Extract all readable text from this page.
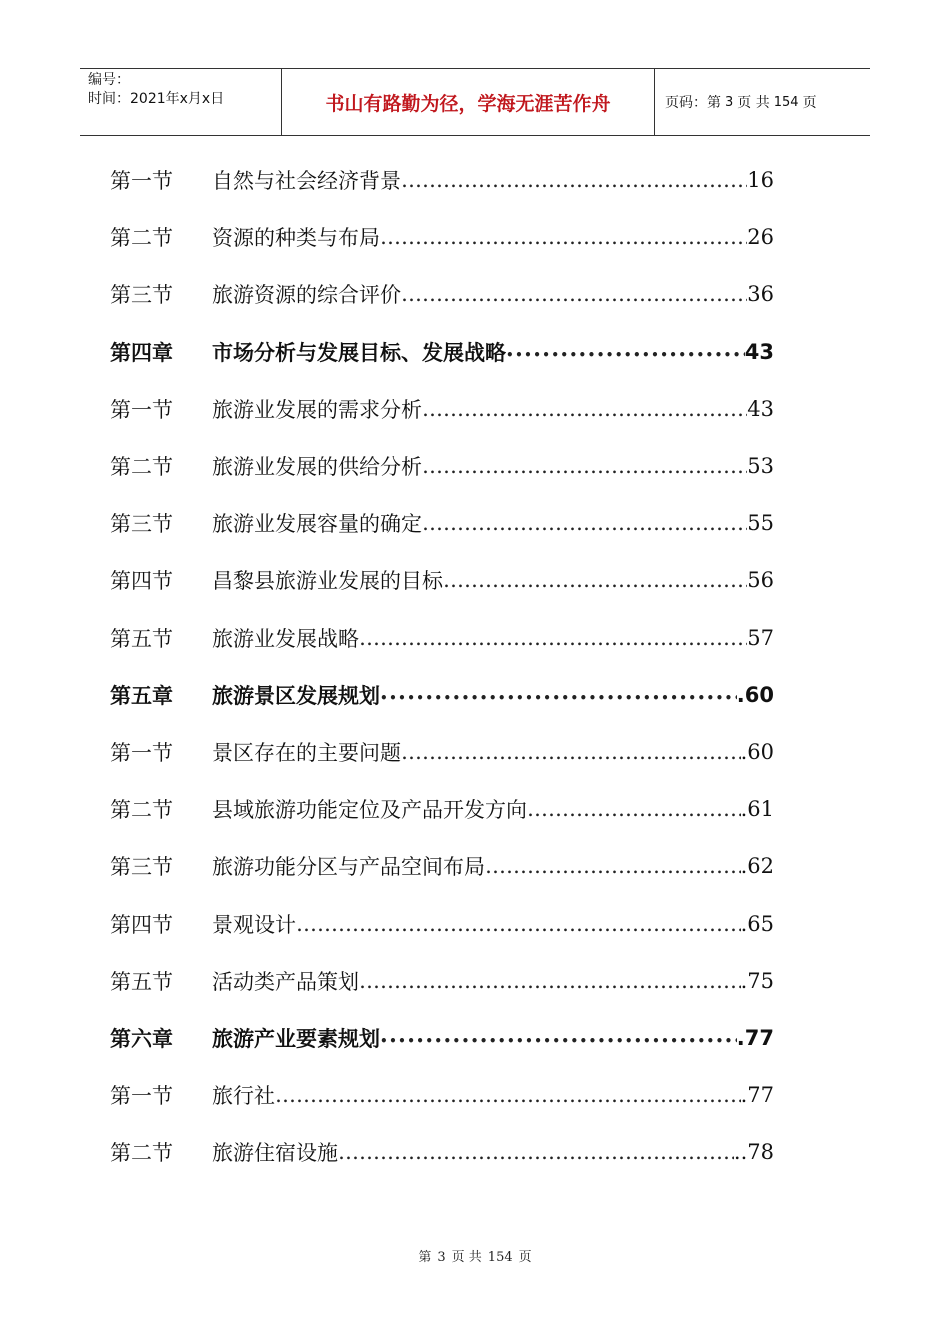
编号：
时间：2021年x月x日	书山有路勤为径，学海无涯苦作舟	页码：第 3 页 共 154 页
第一节	自然与社会经济背景 ……………………………………………………………………………………………………	16
第二节	资源的种类与布局 ……………………………………………………………………………………………………	26
第三节	旅游资源的综合评价 ……………………………………………………………………………………………………	36
第四章	市场分析与发展目标、发展战略 •••••	43
第一节	旅游业发展的需求分析 ……………………………………………………………………………………………………	43
第二节	旅游业发展的供给分析 ……………………………………………………………………………………………………	53
第三节	旅游业发展容量的确定 ……………………………………………………………………………………………………	55
第四节	昌黎县旅游业发展的目标 ……………………………………………………………………………………………………	56
第五节	旅游业发展战略 ……………………………………………………………………………………………………	57
第五章	旅游景区发展规划 •••••	.60
第一节	景区存在的主要问题 ……………………………………………………………………………………………………	.60
第二节	县域旅游功能定位及产品开发方向 ……………………………………………………………………………………………………	.61
第三节	旅游功能分区与产品空间布局 ……………………………………………………………………………………………………	.62
第四节	景观设计 ……………………………………………………………………………………………………	.65
第五节	活动类产品策划 ……………………………………………………………………………………………………	.75
第六章	旅游产业要素规划 •••••	.77
第一节	旅行社 ……………………………………………………………………………………………………	.77
第二节	旅游住宿设施 ……………………………………………………………………………………………………	..78
第 3 页 共 154 页
